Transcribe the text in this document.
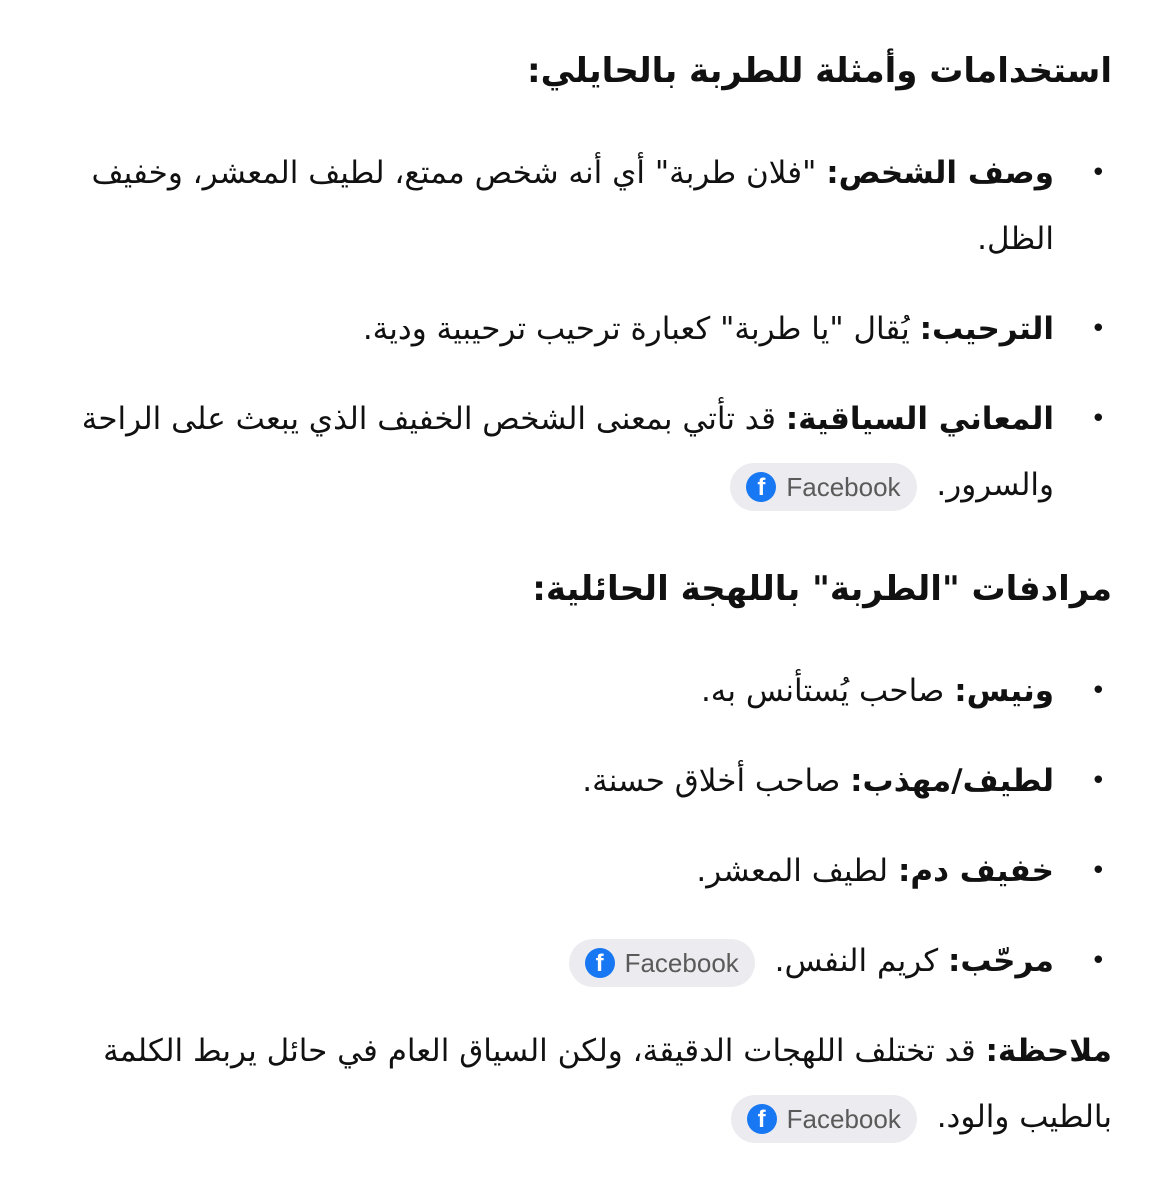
استخدامات وأمثلة للطربة بالحايلي:
•
وصف الشخص: "فلان طربة" أي أنه شخص ممتع، لطيف المعشر، وخفيف الظل.
•
الترحيب: يُقال "يا طربة" كعبارة ترحيب ترحيبية ودية.
•
المعاني السياقية: قد تأتي بمعنى الشخص الخفيف الذي يبعث على الراحة والسرور.
f Facebook
مرادفات "الطربة" باللهجة الحائلية:
•
ونيس: صاحب يُستأنس به.
•
لطيف/مهذب: صاحب أخلاق حسنة.
•
خفيف دم: لطيف المعشر.
•
مرحّب: كريم النفس.
f Facebook

ملاحظة: قد تختلف اللهجات الدقيقة، ولكن السياق العام في حائل يربط الكلمة بالطيب والود.
f Facebook
